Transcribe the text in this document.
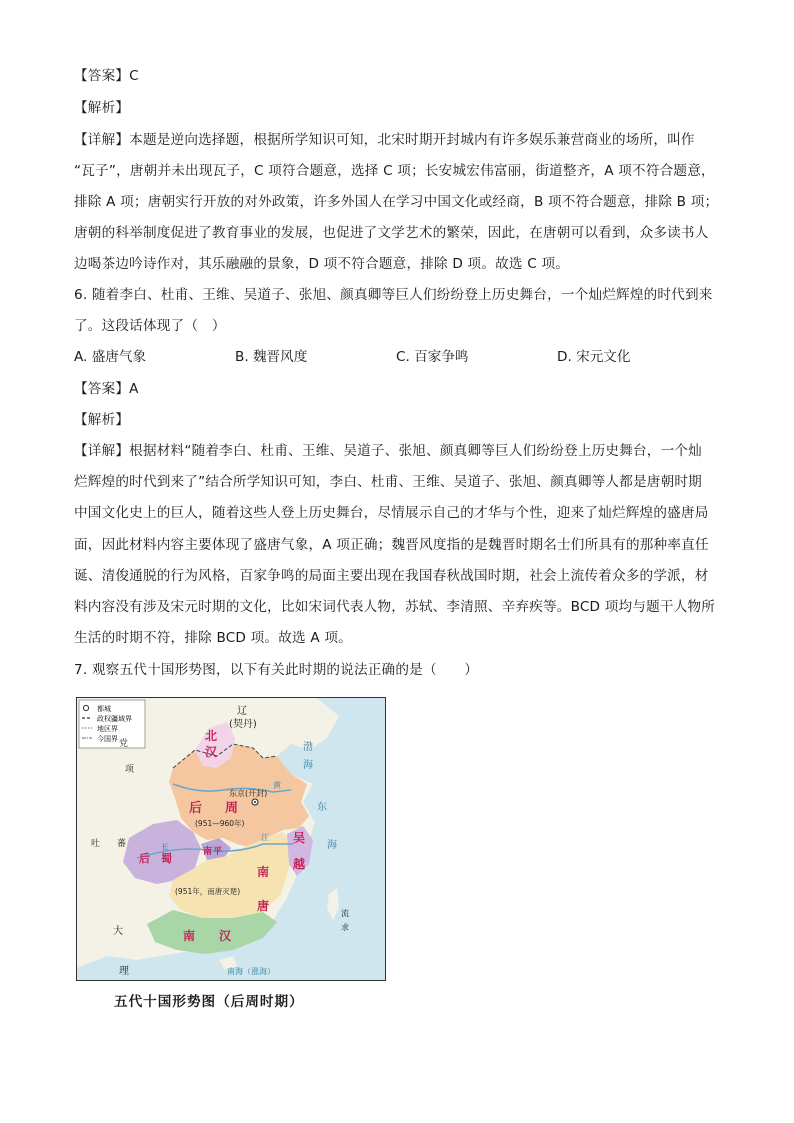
【答案】C
【解析】
【详解】本题是逆向选择题，根据所学知识可知，北宋时期开封城内有许多娱乐兼营商业的场所，叫作
“瓦子”，唐朝并未出现瓦子，C 项符合题意，选择 C 项；长安城宏伟富丽，街道整齐，A 项不符合题意，
排除 A 项；唐朝实行开放的对外政策，许多外国人在学习中国文化或经商，B 项不符合题意，排除 B 项；
唐朝的科举制度促进了教育事业的发展，也促进了文学艺术的繁荣，因此，在唐朝可以看到，众多读书人
边喝茶边吟诗作对，其乐融融的景象，D 项不符合题意，排除 D 项。故选 C 项。
6. 随着李白、杜甫、王维、吴道子、张旭、颜真卿等巨人们纷纷登上历史舞台，一个灿烂辉煌的时代到来
了。这段话体现了（　）
A. 盛唐气象	B. 魏晋风度	C. 百家争鸣	D. 宋元文化
【答案】A
【解析】
【详解】根据材料“随着李白、杜甫、王维、吴道子、张旭、颜真卿等巨人们纷纷登上历史舞台，一个灿
烂辉煌的时代到来了”结合所学知识可知，李白、杜甫、王维、吴道子、张旭、颜真卿等人都是唐朝时期
中国文化史上的巨人，随着这些人登上历史舞台，尽情展示自己的才华与个性，迎来了灿烂辉煌的盛唐局
面，因此材料内容主要体现了盛唐气象，A 项正确；魏晋风度指的是魏晋时期名士们所具有的那种率直任
诞、清俊通脱的行为风格，百家争鸣的局面主要出现在我国春秋战国时期，社会上流传着众多的学派，材
料内容没有涉及宋元时期的文化，比如宋词代表人物，苏轼、李清照、辛弃疾等。BCD 项均与题干人物所
生活的时期不符，排除 BCD 项。故选 A 项。
7. 观察五代十国形势图，以下有关此时期的说法正确的是（　　）
都城
政权疆域界
地区界
今国界
辽
(契丹)
渤
海
北
汉
党
项
东京(开封)
后 周
(951—960年)
东
海
吐 蕃
后　蜀	南 平
吴
越
南
唐
(951年，南唐灭楚)
流
求
大
理
南　　汉
南海（涨海）
黄
长
江
五代十国形势图（后周时期）
